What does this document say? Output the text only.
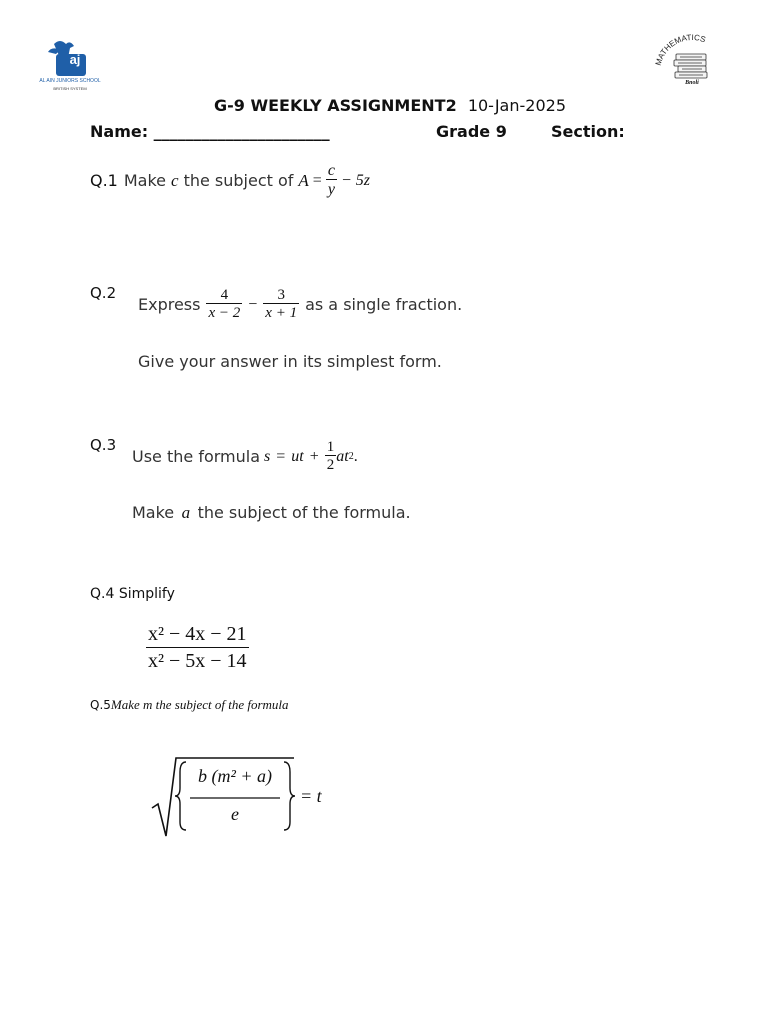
aj
AL AIN JUNIORS SCHOOL
BRITISH SYSTEM
MATHEMATICS
Bnoli
G-9 WEEKLY ASSIGNMENT2 10-Jan-2025
Name: ______________________	Grade 9	Section:
Q.1 Make c the subject of $A = \frac{c}{y} - 5z$
Q.2
Express $\frac{4}{x - 2} - \frac{3}{x + 1}$ as a single fraction.
Give your answer in its simplest form.
Q.3
Use the formula s = ut + $\frac{1}{2}$ at 2 .
Make a the subject of the formula.
Q.4 Simplify
$\frac{\text{x² − 4x − 21}}{\text{x² − 5x − 14}}$
Q.5Make m the subject of the formula
b (m² + a)
e
= t
